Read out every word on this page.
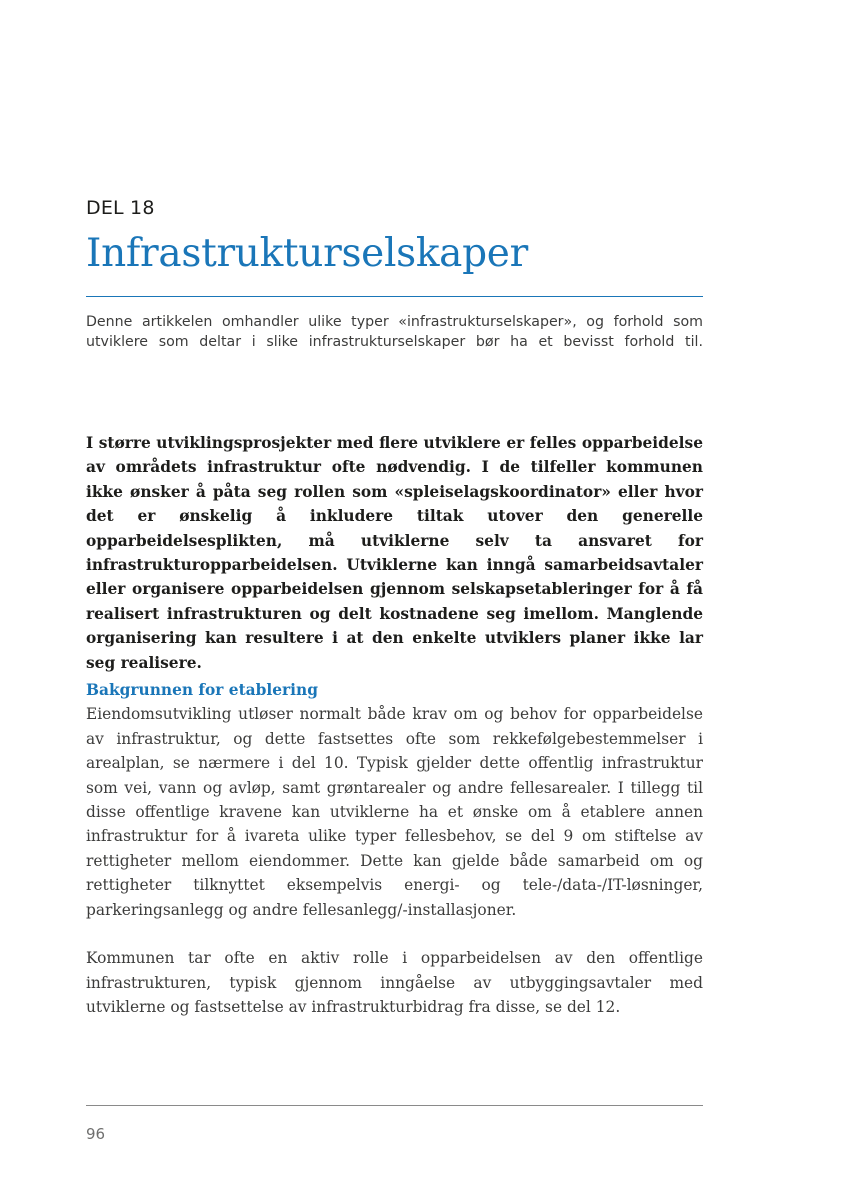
DEL 18
Infrastrukturselskaper

Denne artikkelen omhandler ulike typer «infrastrukturselskaper», og forhold som utviklere som deltar i slike infrastrukturselskaper bør ha et bevisst forhold til.

I større utviklingsprosjekter med flere utviklere er felles opparbeidelse av områdets infrastruktur ofte nødvendig. I de tilfeller kommunen ikke ønsker å påta seg rollen som «spleiselagskoordinator» eller hvor det er ønskelig å inkludere tiltak utover den generelle opparbeidelsesplikten, må utviklerne selv ta ansvaret for infrastrukturopparbeidelsen. Utviklerne kan inngå samarbeidsavtaler eller organisere opparbeidelsen gjennom selskapsetableringer for å få realisert infrastrukturen og delt kostnadene seg imellom. Manglende organisering kan resultere i at den enkelte utviklers planer ikke lar seg realisere.

Bakgrunnen for etablering

Eiendomsutvikling utløser normalt både krav om og behov for opparbeidelse av infrastruktur, og dette fastsettes ofte som rekkefølgebestemmelser i arealplan, se nærmere i del 10. Typisk gjelder dette offentlig infrastruktur som vei, vann og avløp, samt grøntarealer og andre fellesarealer. I tillegg til disse offentlige kravene kan utviklerne ha et ønske om å etablere annen infrastruktur for å ivareta ulike typer fellesbehov, se del 9 om stiftelse av rettigheter mellom eiendommer. Dette kan gjelde både samarbeid om og rettigheter tilknyttet eksempelvis energi- og tele-/data-/IT-løsninger, parkeringsanlegg og andre fellesanlegg/-installasjoner.

Kommunen tar ofte en aktiv rolle i opparbeidelsen av den offentlige infrastrukturen, typisk gjennom inngåelse av utbyggingsavtaler med utviklerne og fastsettelse av infrastrukturbidrag fra disse, se del 12.

96
